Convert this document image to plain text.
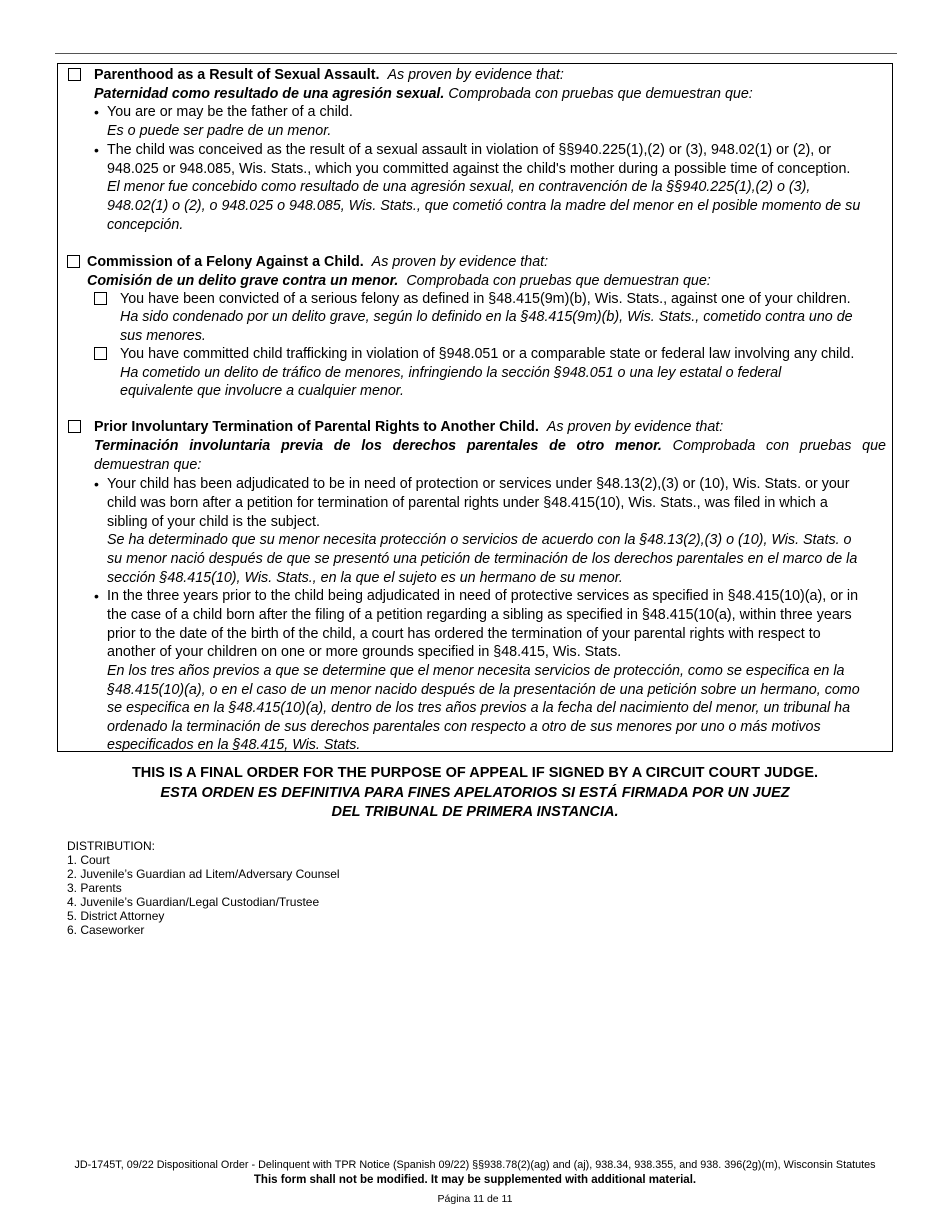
Parenthood as a Result of Sexual Assault. As proven by evidence that:
Paternidad como resultado de una agresión sexual. Comprobada con pruebas que demuestran que:
• You are or may be the father of a child.
Es o puede ser padre de un menor.
• The child was conceived as the result of a sexual assault in violation of §§940.225(1),(2) or (3), 948.02(1) or (2), or
948.025 or 948.085, Wis. Stats., which you committed against the child's mother during a possible time of conception.
El menor fue concebido como resultado de una agresión sexual, en contravención de la §§940.225(1),(2) o (3),
948.02(1) o (2), o 948.025 o 948.085, Wis. Stats., que cometió contra la madre del menor en el posible momento de su
concepción.
Commission of a Felony Against a Child. As proven by evidence that:
Comisión de un delito grave contra un menor. Comprobada con pruebas que demuestran que:
You have been convicted of a serious felony as defined in §48.415(9m)(b), Wis. Stats., against one of your children.
Ha sido condenado por un delito grave, según lo definido en la §48.415(9m)(b), Wis. Stats., cometido contra uno de
sus menores.
You have committed child trafficking in violation of §948.051 or a comparable state or federal law involving any child.
Ha cometido un delito de tráfico de menores, infringiendo la sección §948.051 o una ley estatal o federal
equivalente que involucre a cualquier menor.
Prior Involuntary Termination of Parental Rights to Another Child. As proven by evidence that:
Terminación involuntaria previa de los derechos parentales de otro menor. Comprobada con pruebas que
demuestran que:
• Your child has been adjudicated to be in need of protection or services under §48.13(2),(3) or (10), Wis. Stats. or your
child was born after a petition for termination of parental rights under §48.415(10), Wis. Stats., was filed in which a
sibling of your child is the subject.
Se ha determinado que su menor necesita protección o servicios de acuerdo con la §48.13(2),(3) o (10), Wis. Stats. o
su menor nació después de que se presentó una petición de terminación de los derechos parentales en el marco de la
sección §48.415(10), Wis. Stats., en la que el sujeto es un hermano de su menor.
• In the three years prior to the child being adjudicated in need of protective services as specified in §48.415(10)(a), or in
the case of a child born after the filing of a petition regarding a sibling as specified in §48.415(10(a), within three years
prior to the date of the birth of the child, a court has ordered the termination of your parental rights with respect to
another of your children on one or more grounds specified in §48.415, Wis. Stats.
En los tres años previos a que se determine que el menor necesita servicios de protección, como se especifica en la
§48.415(10)(a), o en el caso de un menor nacido después de la presentación de una petición sobre un hermano, como
se especifica en la §48.415(10)(a), dentro de los tres años previos a la fecha del nacimiento del menor, un tribunal ha
ordenado la terminación de sus derechos parentales con respecto a otro de sus menores por uno o más motivos
especificados en la §48.415, Wis. Stats.
THIS IS A FINAL ORDER FOR THE PURPOSE OF APPEAL IF SIGNED BY A CIRCUIT COURT JUDGE.
ESTA ORDEN ES DEFINITIVA PARA FINES APELATORIOS SI ESTÁ FIRMADA POR UN JUEZ
DEL TRIBUNAL DE PRIMERA INSTANCIA.
DISTRIBUTION:
1. Court
2. Juvenile’s Guardian ad Litem/Adversary Counsel
3. Parents
4. Juvenile’s Guardian/Legal Custodian/Trustee
5. District Attorney
6. Caseworker
JD-1745T, 09/22 Dispositional Order - Delinquent with TPR Notice (Spanish 09/22) §§938.78(2)(ag) and (aj), 938.34, 938.355, and 938. 396(2g)(m), Wisconsin Statutes
This form shall not be modified. It may be supplemented with additional material.
Página 11 de 11
